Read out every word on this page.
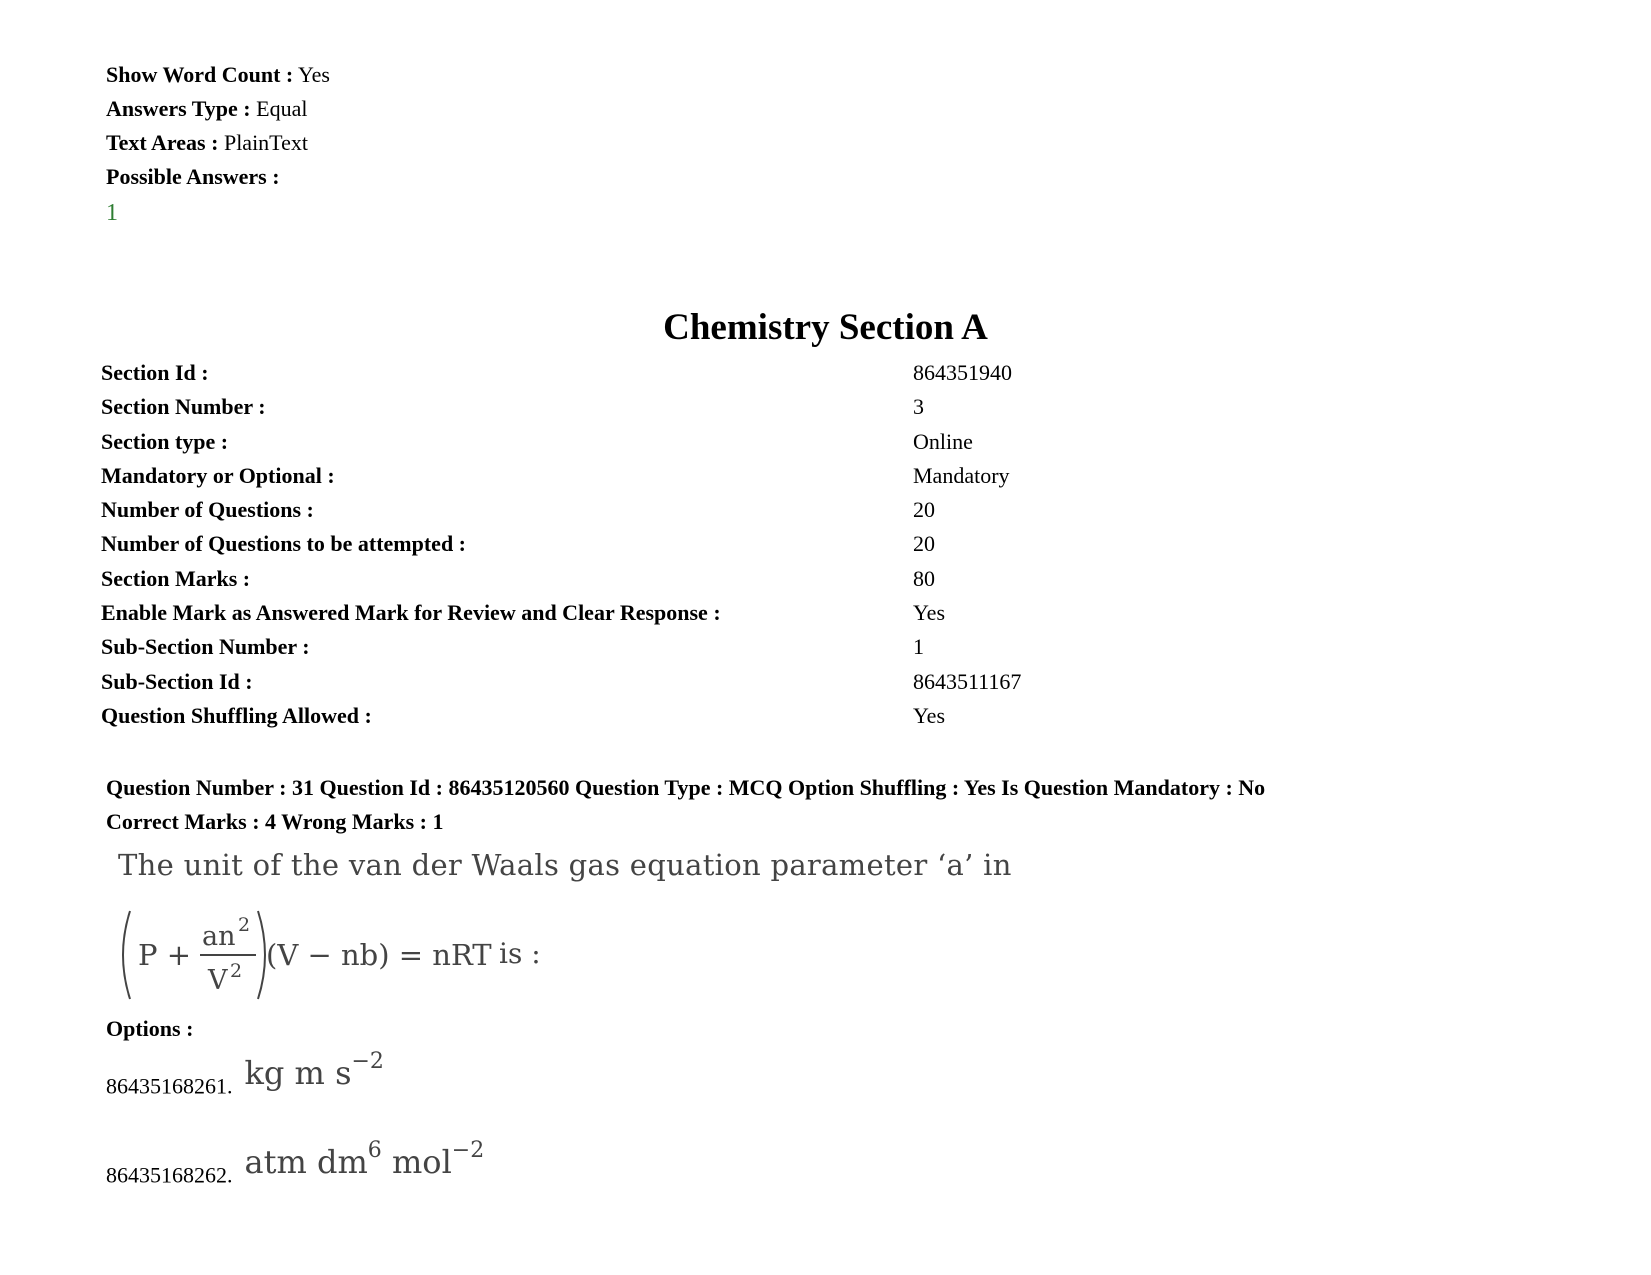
Show Word Count : Yes
Answers Type : Equal
Text Areas : PlainText
Possible Answers :
1
Chemistry Section A
Section Id :	864351940
Section Number :	3
Section type :	Online
Mandatory or Optional :	Mandatory
Number of Questions :	20
Number of Questions to be attempted :	20
Section Marks :	80
Enable Mark as Answered Mark for Review and Clear Response :	Yes
Sub-Section Number :	1
Sub-Section Id :	8643511167
Question Shuffling Allowed :	Yes
Question Number : 31 Question Id : 86435120560 Question Type : MCQ Option Shuffling : Yes Is Question Mandatory : No
Correct Marks : 4 Wrong Marks : 1
The unit of the van der Waals gas equation parameter ‘a’ in
P +
an 2
V 2 (V − nb) = nRT is :
Options :
86435168261. kg m $s^{-2}$
86435168262. atm $dm^6$ mol$^{-2}$
